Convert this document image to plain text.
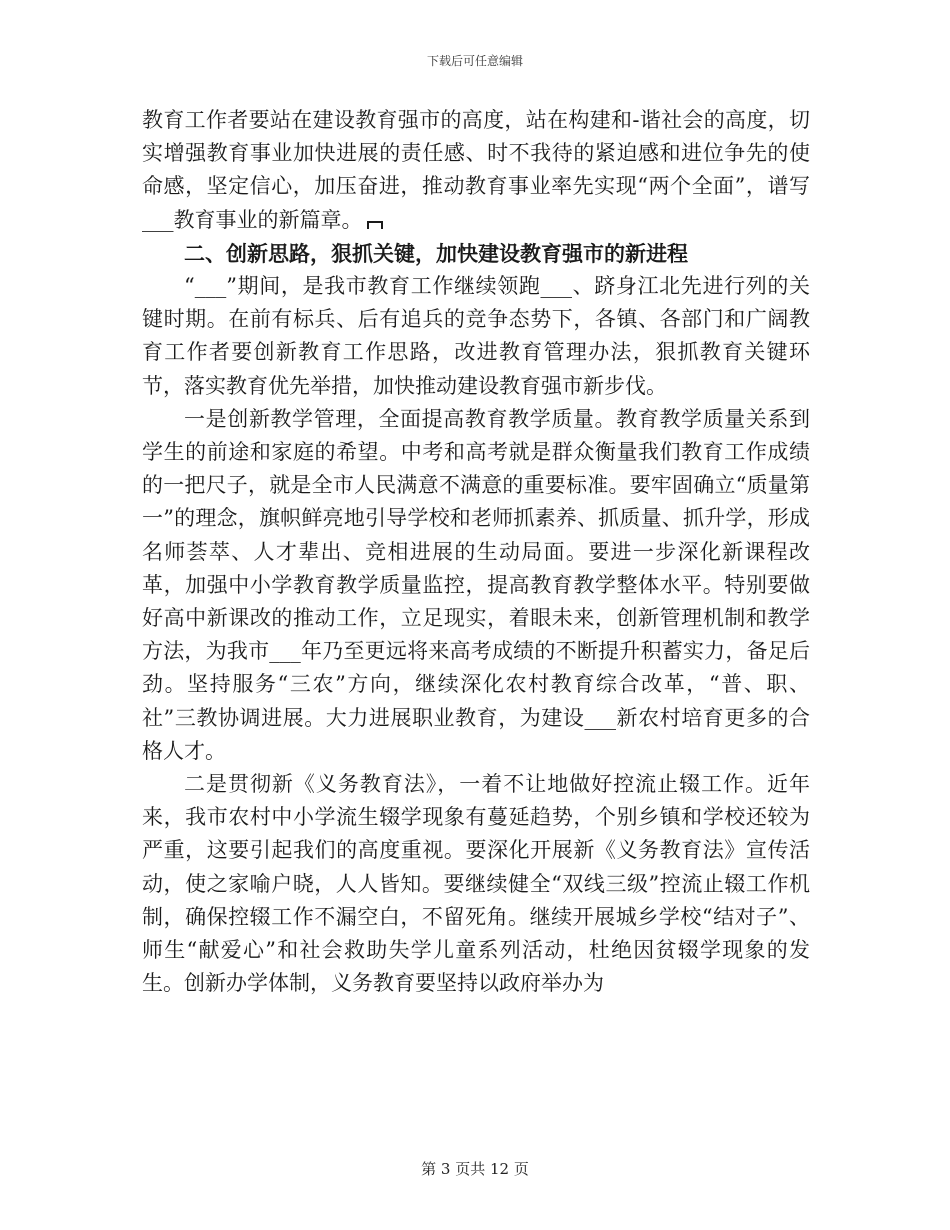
下载后可任意编辑

教育工作者要站在建设教育强市的高度，站在构建和-谐社会的高度，切实增强教育事业加快进展的责任感、时不我待的紧迫感和进位争先的使命感，坚定信心，加压奋进，推动教育事业率先实现“两个全面”，谱写___教育事业的新篇章。

二、创新思路，狠抓关键，加快建设教育强市的新进程

“___”期间，是我市教育工作继续领跑___、跻身江北先进行列的关键时期。在前有标兵、后有追兵的竞争态势下，各镇、各部门和广阔教育工作者要创新教育工作思路，改进教育管理办法，狠抓教育关键环节，落实教育优先举措，加快推动建设教育强市新步伐。

一是创新教学管理，全面提高教育教学质量。教育教学质量关系到学生的前途和家庭的希望。中考和高考就是群众衡量我们教育工作成绩的一把尺子，就是全市人民满意不满意的重要标准。要牢固确立“质量第一”的理念，旗帜鲜亮地引导学校和老师抓素养、抓质量、抓升学，形成名师荟萃、人才辈出、竞相进展的生动局面。要进一步深化新课程改革，加强中小学教育教学质量监控，提高教育教学整体水平。特别要做好高中新课改的推动工作，立足现实，着眼未来，创新管理机制和教学方法，为我市___年乃至更远将来高考成绩的不断提升积蓄实力，备足后劲。坚持服务“三农”方向，继续深化农村教育综合改革，“普、职、社”三教协调进展。大力进展职业教育，为建设___新农村培育更多的合格人才。

二是贯彻新《义务教育法》，一着不让地做好控流止辍工作。近年来，我市农村中小学流生辍学现象有蔓延趋势，个别乡镇和学校还较为严重，这要引起我们的高度重视。要深化开展新《义务教育法》宣传活动，使之家喻户晓，人人皆知。要继续健全“双线三级”控流止辍工作机制，确保控辍工作不漏空白，不留死角。继续开展城乡学校“结对子”、师生“献爱心”和社会救助失学儿童系列活动，杜绝因贫辍学现象的发生。创新办学体制，义务教育要坚持以政府举办为

第 3 页共 12 页
